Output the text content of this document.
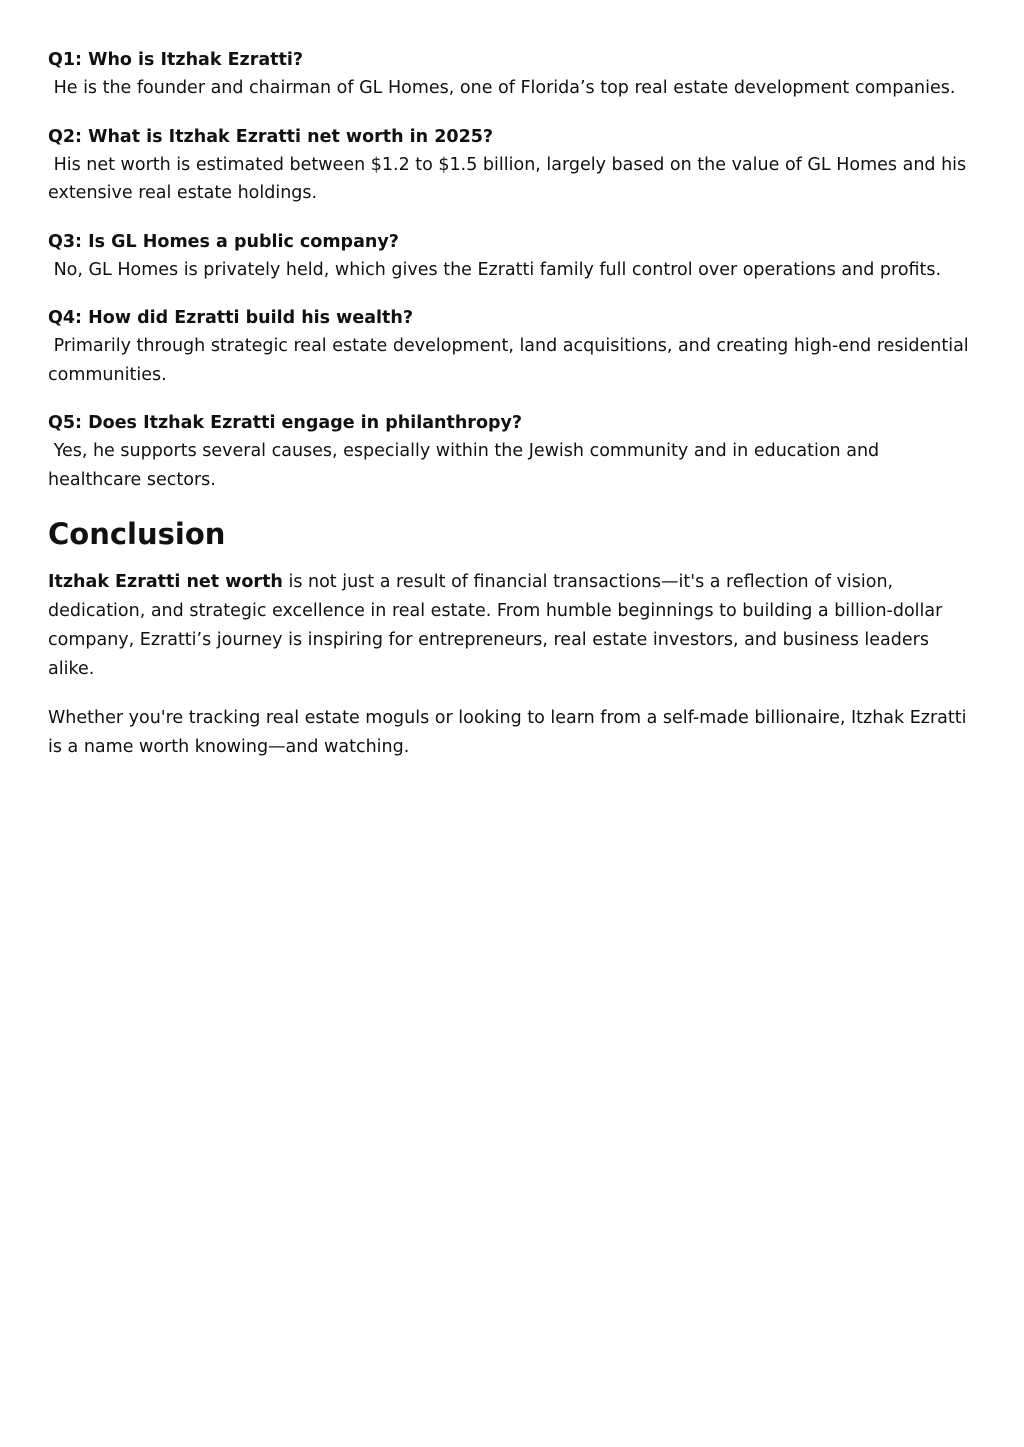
Q1: Who is Itzhak Ezratti?

He is the founder and chairman of GL Homes, one of Florida’s top real estate development companies.

Q2: What is Itzhak Ezratti net worth in 2025?

His net worth is estimated between $1.2 to $1.5 billion, largely based on the value of GL Homes and his extensive real estate holdings.

Q3: Is GL Homes a public company?

No, GL Homes is privately held, which gives the Ezratti family full control over operations and profits.

Q4: How did Ezratti build his wealth?

Primarily through strategic real estate development, land acquisitions, and creating high-end residential communities.

Q5: Does Itzhak Ezratti engage in philanthropy?

Yes, he supports several causes, especially within the Jewish community and in education and healthcare sectors.

Conclusion

Itzhak Ezratti net worth is not just a result of financial transactions—it's a reflection of vision, dedication, and strategic excellence in real estate. From humble beginnings to building a billion-dollar company, Ezratti’s journey is inspiring for entrepreneurs, real estate investors, and business leaders alike.

Whether you're tracking real estate moguls or looking to learn from a self-made billionaire, Itzhak Ezratti is a name worth knowing—and watching.
